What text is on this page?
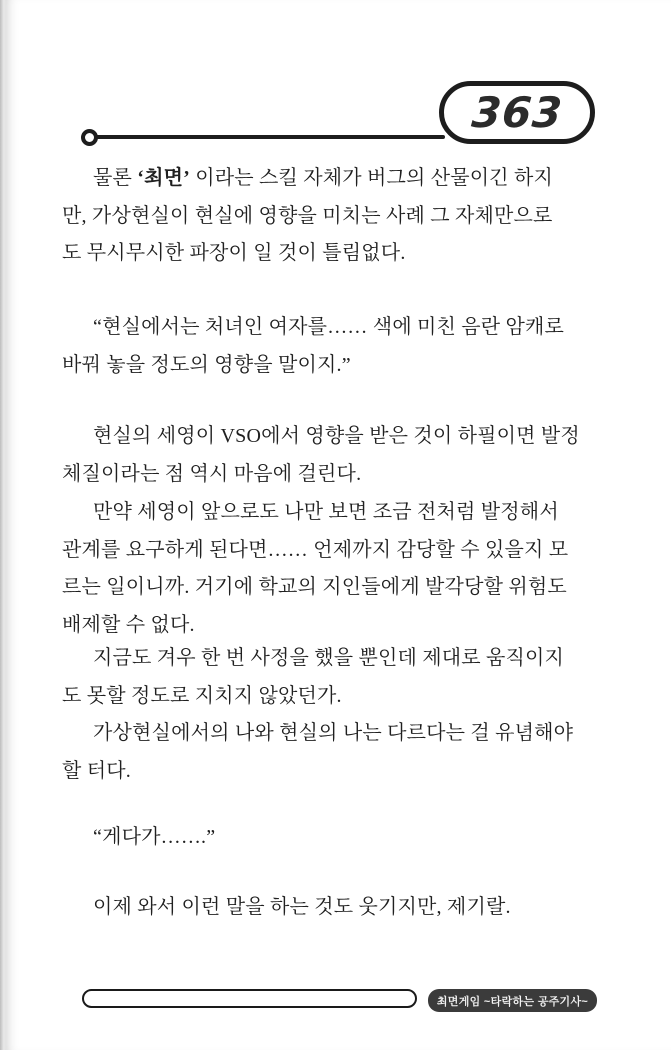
363

물론 ‘최면’ 이라는 스킬 자체가 버그의 산물이긴 하지
만, 가상현실이 현실에 영향을 미치는 사례 그 자체만으로
도 무시무시한 파장이 일 것이 틀림없다.

“현실에서는 처녀인 여자를…… 색에 미친 음란 암캐로
바꿔 놓을 정도의 영향을 말이지.”

현실의 세영이 VSO에서 영향을 받은 것이 하필이면 발정
체질이라는 점 역시 마음에 걸린다.

만약 세영이 앞으로도 나만 보면 조금 전처럼 발정해서
관계를 요구하게 된다면…… 언제까지 감당할 수 있을지 모
르는 일이니까. 거기에 학교의 지인들에게 발각당할 위험도
배제할 수 없다.

지금도 겨우 한 번 사정을 했을 뿐인데 제대로 움직이지
도 못할 정도로 지치지 않았던가.

가상현실에서의 나와 현실의 나는 다르다는 걸 유념해야
할 터다.

“게다가…….”

이제 와서 이런 말을 하는 것도 웃기지만, 제기랄.

최면게임 ~타락하는 공주기사~
